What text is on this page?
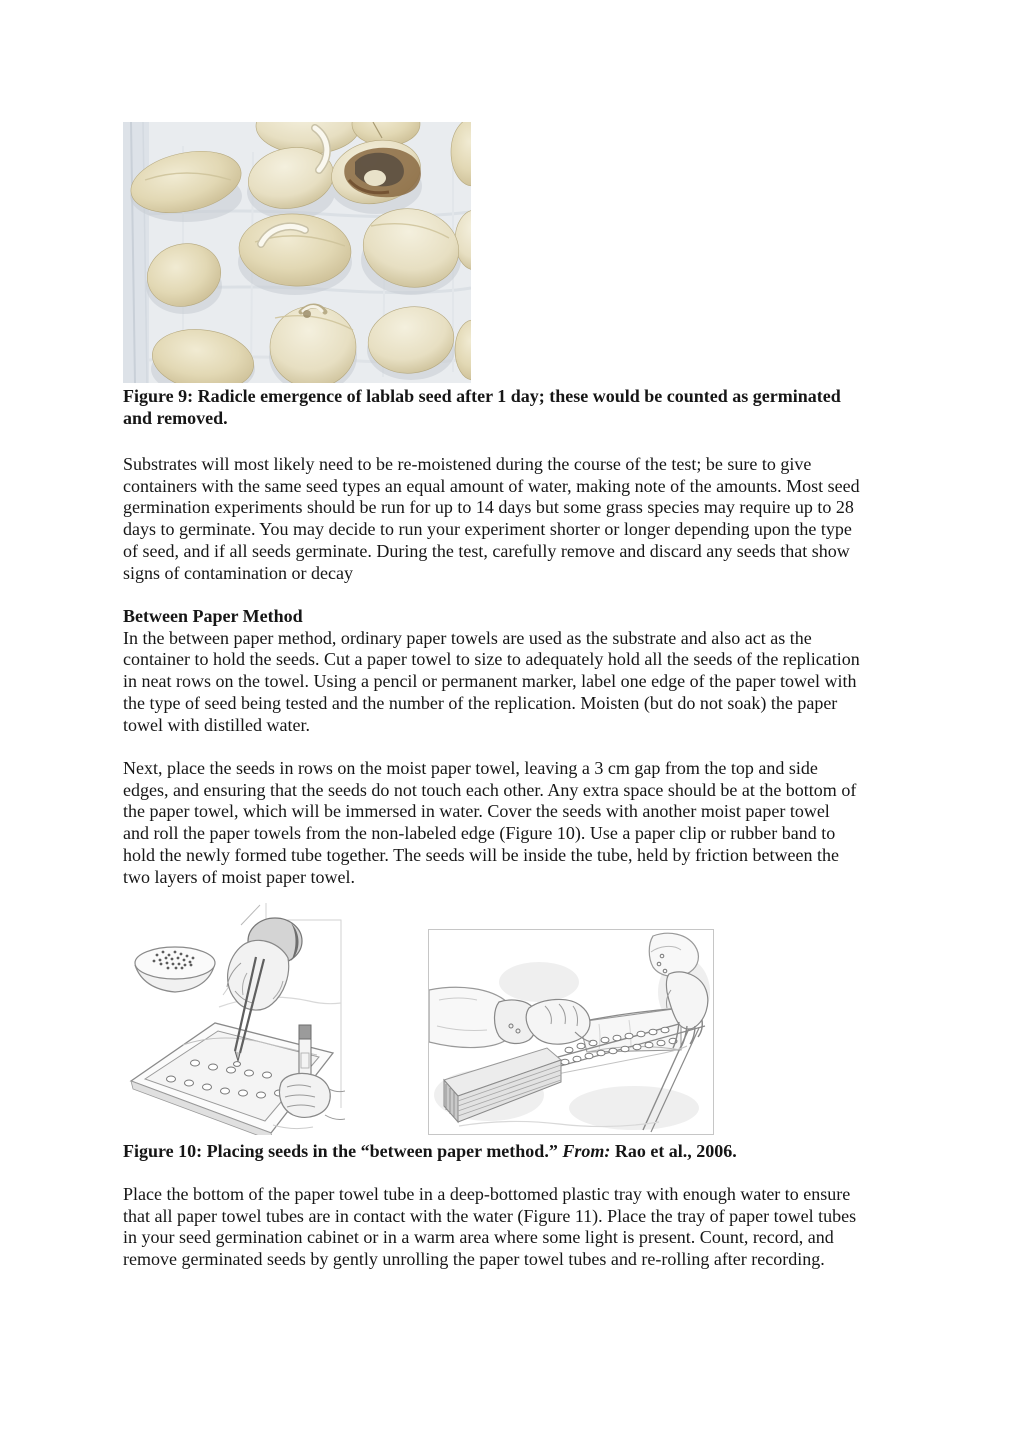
Figure 9: Radicle emergence of lablab seed after 1 day; these would be counted as germinated
and removed.
Substrates will most likely need to be re-moistened during the course of the test; be sure to give
containers with the same seed types an equal amount of water, making note of the amounts. Most seed
germination experiments should be run for up to 14 days but some grass species may require up to 28
days to germinate. You may decide to run your experiment shorter or longer depending upon the type
of seed, and if all seeds germinate. During the test, carefully remove and discard any seeds that show
signs of contamination or decay
Between Paper Method
In the between paper method, ordinary paper towels are used as the substrate and also act as the
container to hold the seeds. Cut a paper towel to size to adequately hold all the seeds of the replication
in neat rows on the towel. Using a pencil or permanent marker, label one edge of the paper towel with
the type of seed being tested and the number of the replication. Moisten (but do not soak) the paper
towel with distilled water.
Next, place the seeds in rows on the moist paper towel, leaving a 3 cm gap from the top and side
edges, and ensuring that the seeds do not touch each other. Any extra space should be at the bottom of
the paper towel, which will be immersed in water. Cover the seeds with another moist paper towel
and roll the paper towels from the non-labeled edge (Figure 10). Use a paper clip or rubber band to
hold the newly formed tube together. The seeds will be inside the tube, held by friction between the
two layers of moist paper towel.
Figure 10: Placing seeds in the “between paper method.” From: Rao et al., 2006.
Place the bottom of the paper towel tube in a deep-bottomed plastic tray with enough water to ensure
that all paper towel tubes are in contact with the water (Figure 11). Place the tray of paper towel tubes
in your seed germination cabinet or in a warm area where some light is present. Count, record, and
remove germinated seeds by gently unrolling the paper towel tubes and re-rolling after recording.
